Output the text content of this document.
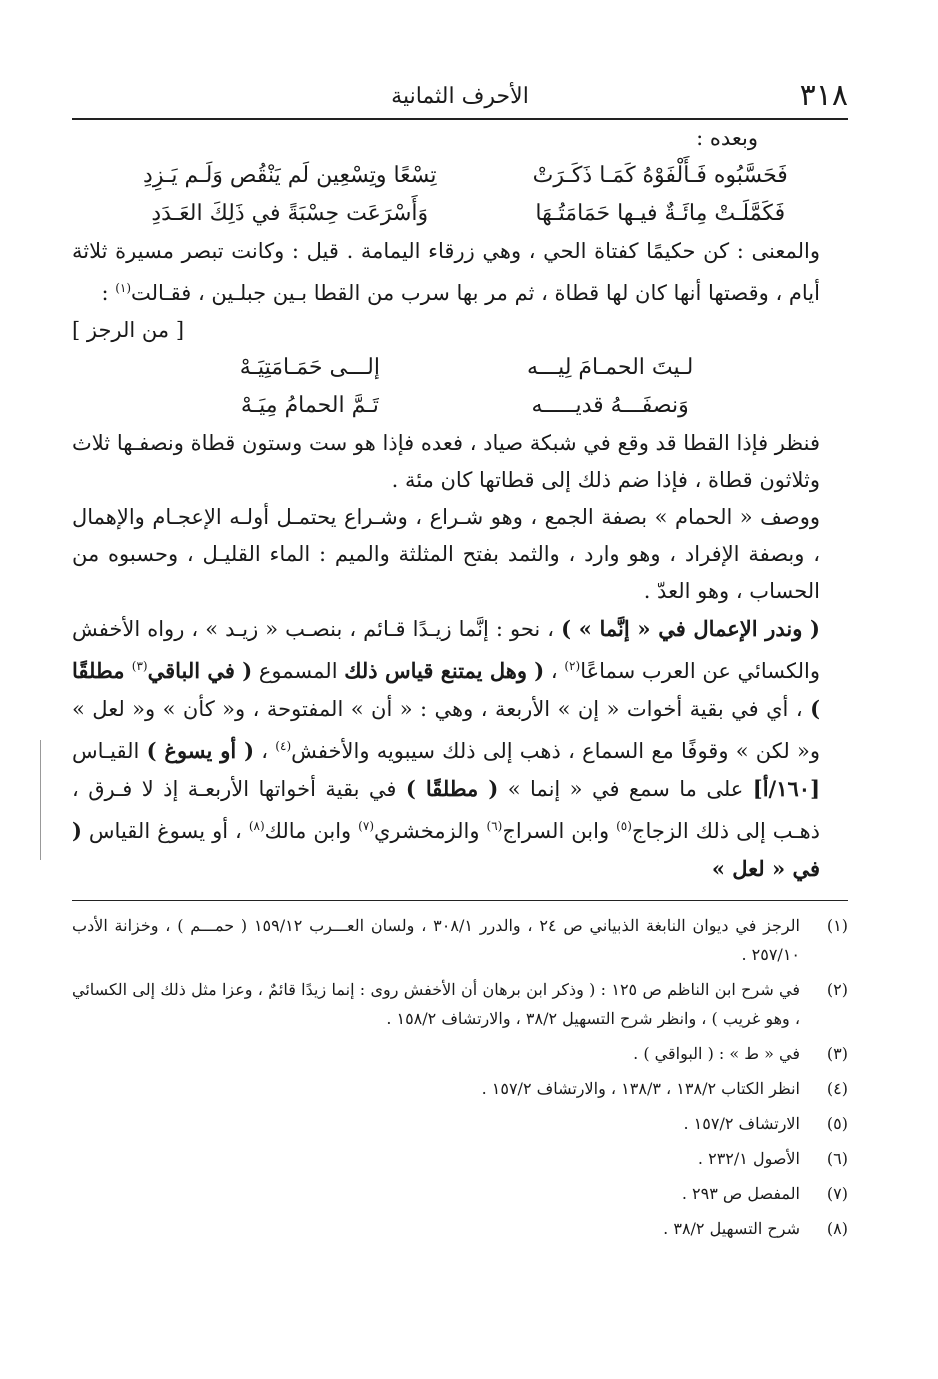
٣١٨
الأحرف الثمانية

وبعده :

فَحَسَّبُوه فَـأَلْفَوْهُ كَمَـا ذَكَـرَتْ
تِسْعًا وتِسْعِين لَم يَنْقُص وَلَـم يَـزِدِ
فَكَمَّلَـتْ مِائَـةٌ فيـها حَمَامَتُـهَا
وَأَسْرَعَت حِسْبَةً في ذَلِكَ العَـدَدِ

والمعنى : كن حكيمًا كفتاة الحي ، وهي زرقاء اليمامة . قيل : وكانت تبصر مسيرة ثلاثة أيام ، وقصتها أنها كان لها قطاة ، ثم مر بها سرب من القطا بـين جبلـين ، فقـالت$^{(١)}$ :

[ من الرجز ]
لـيتَ الحمـامَ لِيـــه
إلـــى حَمَـامَتِيَـهْ
وَنصفَـــهُ قديـــــه
تَـمَّ الحمامُ مِيَـهْ

فنظر فإذا القطا قد وقع في شبكة صياد ، فعده فإذا هو ست وستون قطاة ونصفـها ثلاث وثلاثون قطاة ، فإذا ضم ذلك إلى قطاتها كان مئة .

ووصف « الحمام » بصفة الجمع ، وهو شـراع ، وشـراع يحتمـل أولـه الإعجـام والإهمال ، وبصفة الإفراد ، وهو وارد ، والثمد بفتح المثلثة والميم : الماء القليـل ، وحسبوه من الحساب ، وهو العدّ .

( وندر الإعمال في « إنَّما » ) ، نحو : إنَّما زيـدًا قـائم ، بنصـب « زيـد » ، رواه الأخفش والكسائي عن العرب سماعًا$^{(٢)}$ ، ( وهل يمتنع قياس ذلك المسموع ( في الباقي$^{(٣)}$ مطلقًا ) ، أي في بقية أخوات « إن » الأربعة ، وهي : « أن » المفتوحة ، و« كأن » و« لعل » و« لكن » وقوفًا مع السماع ، ذهب إلى ذلك سيبويه والأخفش$^{(٤)}$ ، ( أو يسوغ ) القيـاس [١٦٠/أ] على ما سمع في « إنما » ( مطلقًا ) في بقية أخواتها الأربعـة إذ لا فـرق ، ذهـب إلى ذلك الزجاج$^{(٥)}$ وابن السراج$^{(٦)}$ والزمخشري$^{(٧)}$ وابن مالك$^{(٨)}$ ، أو يسوغ القياس ( في « لعل »

(١)
الرجز في ديوان النابغة الذبياني ص ٢٤ ، والدرر ٣٠٨/١ ، ولسان العـــرب ١٥٩/١٢ ( حمـــم ) ، وخزانة الأدب ٢٥٧/١٠ .
(٢)
في شرح ابن الناظم ص ١٢٥ : ( وذكر ابن برهان أن الأخفش روى : إنما زيدًا قائمٌ ، وعزا مثل ذلك إلى الكسائي ، وهو غريب ) ، وانظر شرح التسهيل ٣٨/٢ ، والارتشاف ١٥٨/٢ .
(٣)
في « ط » : ( البواقي ) .
(٤)
انظر الكتاب ١٣٨/٢ ، ١٣٨/٣ ، والارتشاف ١٥٧/٢ .
(٥)
الارتشاف ١٥٧/٢ .
(٦)
الأصول ٢٣٢/١ .
(٧)
المفصل ص ٢٩٣ .
(٨)
شرح التسهيل ٣٨/٢ .
